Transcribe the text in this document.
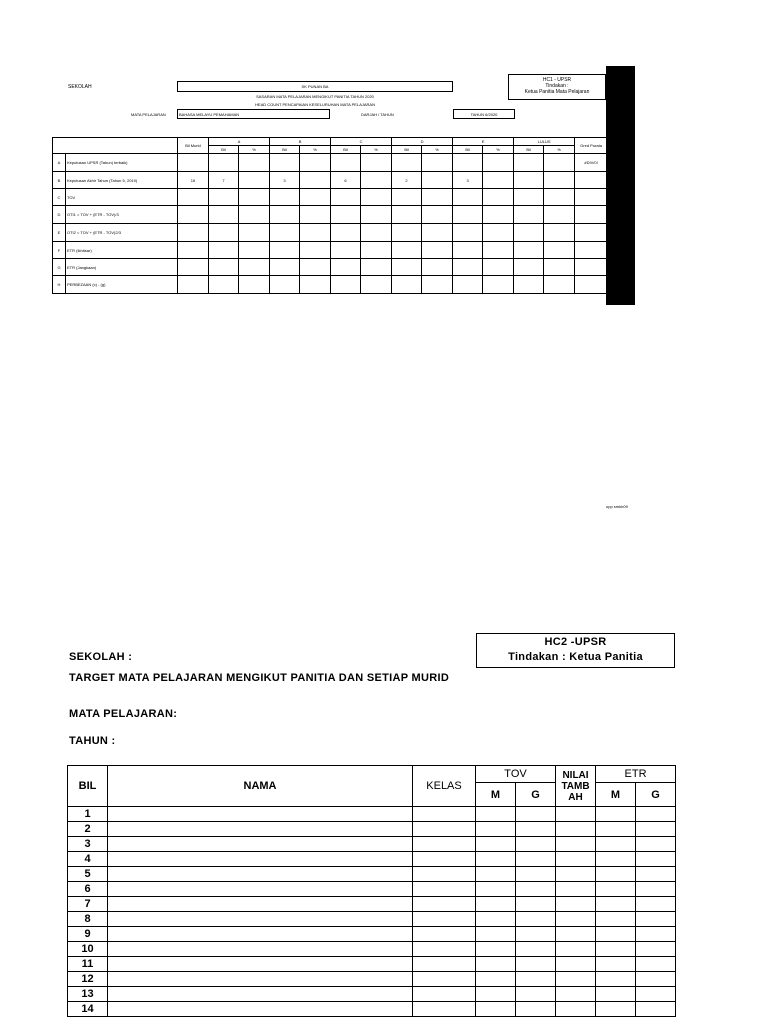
SEKOLAH	SK PUNAN BA
SASARAN MATA PELAJARAN MENGIKUT PANITIA TAHUN 2020
HEAD COUNT PENCAPAIAN KESELURUHAN MATA PELAJARAN
MATA PELAJARAN	BAHASA MELAYU PEMAHAMAN	DARJAH / TAHUN	TAHUN 6/2020
HC1 - UPSR
Tindakan :
Ketua Panitia Mata Pelajaran
		Bil Murid	A		B		C		D		E		LULUS		Gred Purata
			Bil	%	Bil	%	Bil	%	Bil	%	Bil	%	Bil	%	
A	Keputusan UPSR (Tahun) terbaik)														#DIV/0!
B	Keputusan Akhir Tahun (Tahun 5, 2019)	16	7		3		6		2		3				
C	TOV														
D	OTI1 = TOV + (ETR - TOV)/3														
E	OTI2 = TOV + (ETR - TOV)2/3														
F	ETR (Ikhtisar)														
G	ETR (Jangkaan)														
H	PERBEZAAN (c) - (g)														
upp smkh09
HC2 -UPSR
Tindakan : Ketua Panitia
SEKOLAH :
TARGET MATA PELAJARAN MENGIKUT PANITIA DAN SETIAP MURID
MATA PELAJARAN:
TAHUN :
BIL	NAMA	KELAS	TOV		NILAI TAMB AH	ETR	
			M	G		M	G
1							
2							
3							
4							
5							
6							
7							
8							
9							
10							
11							
12							
13							
14							
